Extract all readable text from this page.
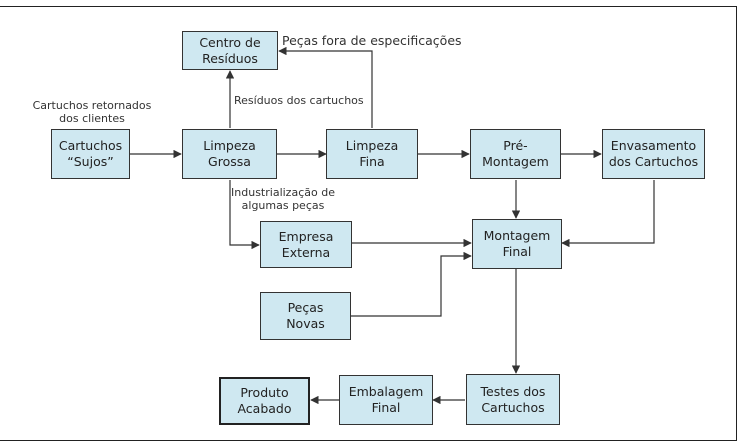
Centro de
Resíduos
Cartuchos
“Sujos”
Limpeza
Grossa
Limpeza
Fina
Pré-
Montagem
Envasamento
dos Cartuchos
Empresa
Externa
Montagem
Final
Peças
Novas
Produto
Acabado
Embalagem
Final
Testes dos
Cartuchos
Peças fora de especificações
Cartuchos retornados
dos clientes
Resíduos dos cartuchos
Industrialização de
algumas peças
